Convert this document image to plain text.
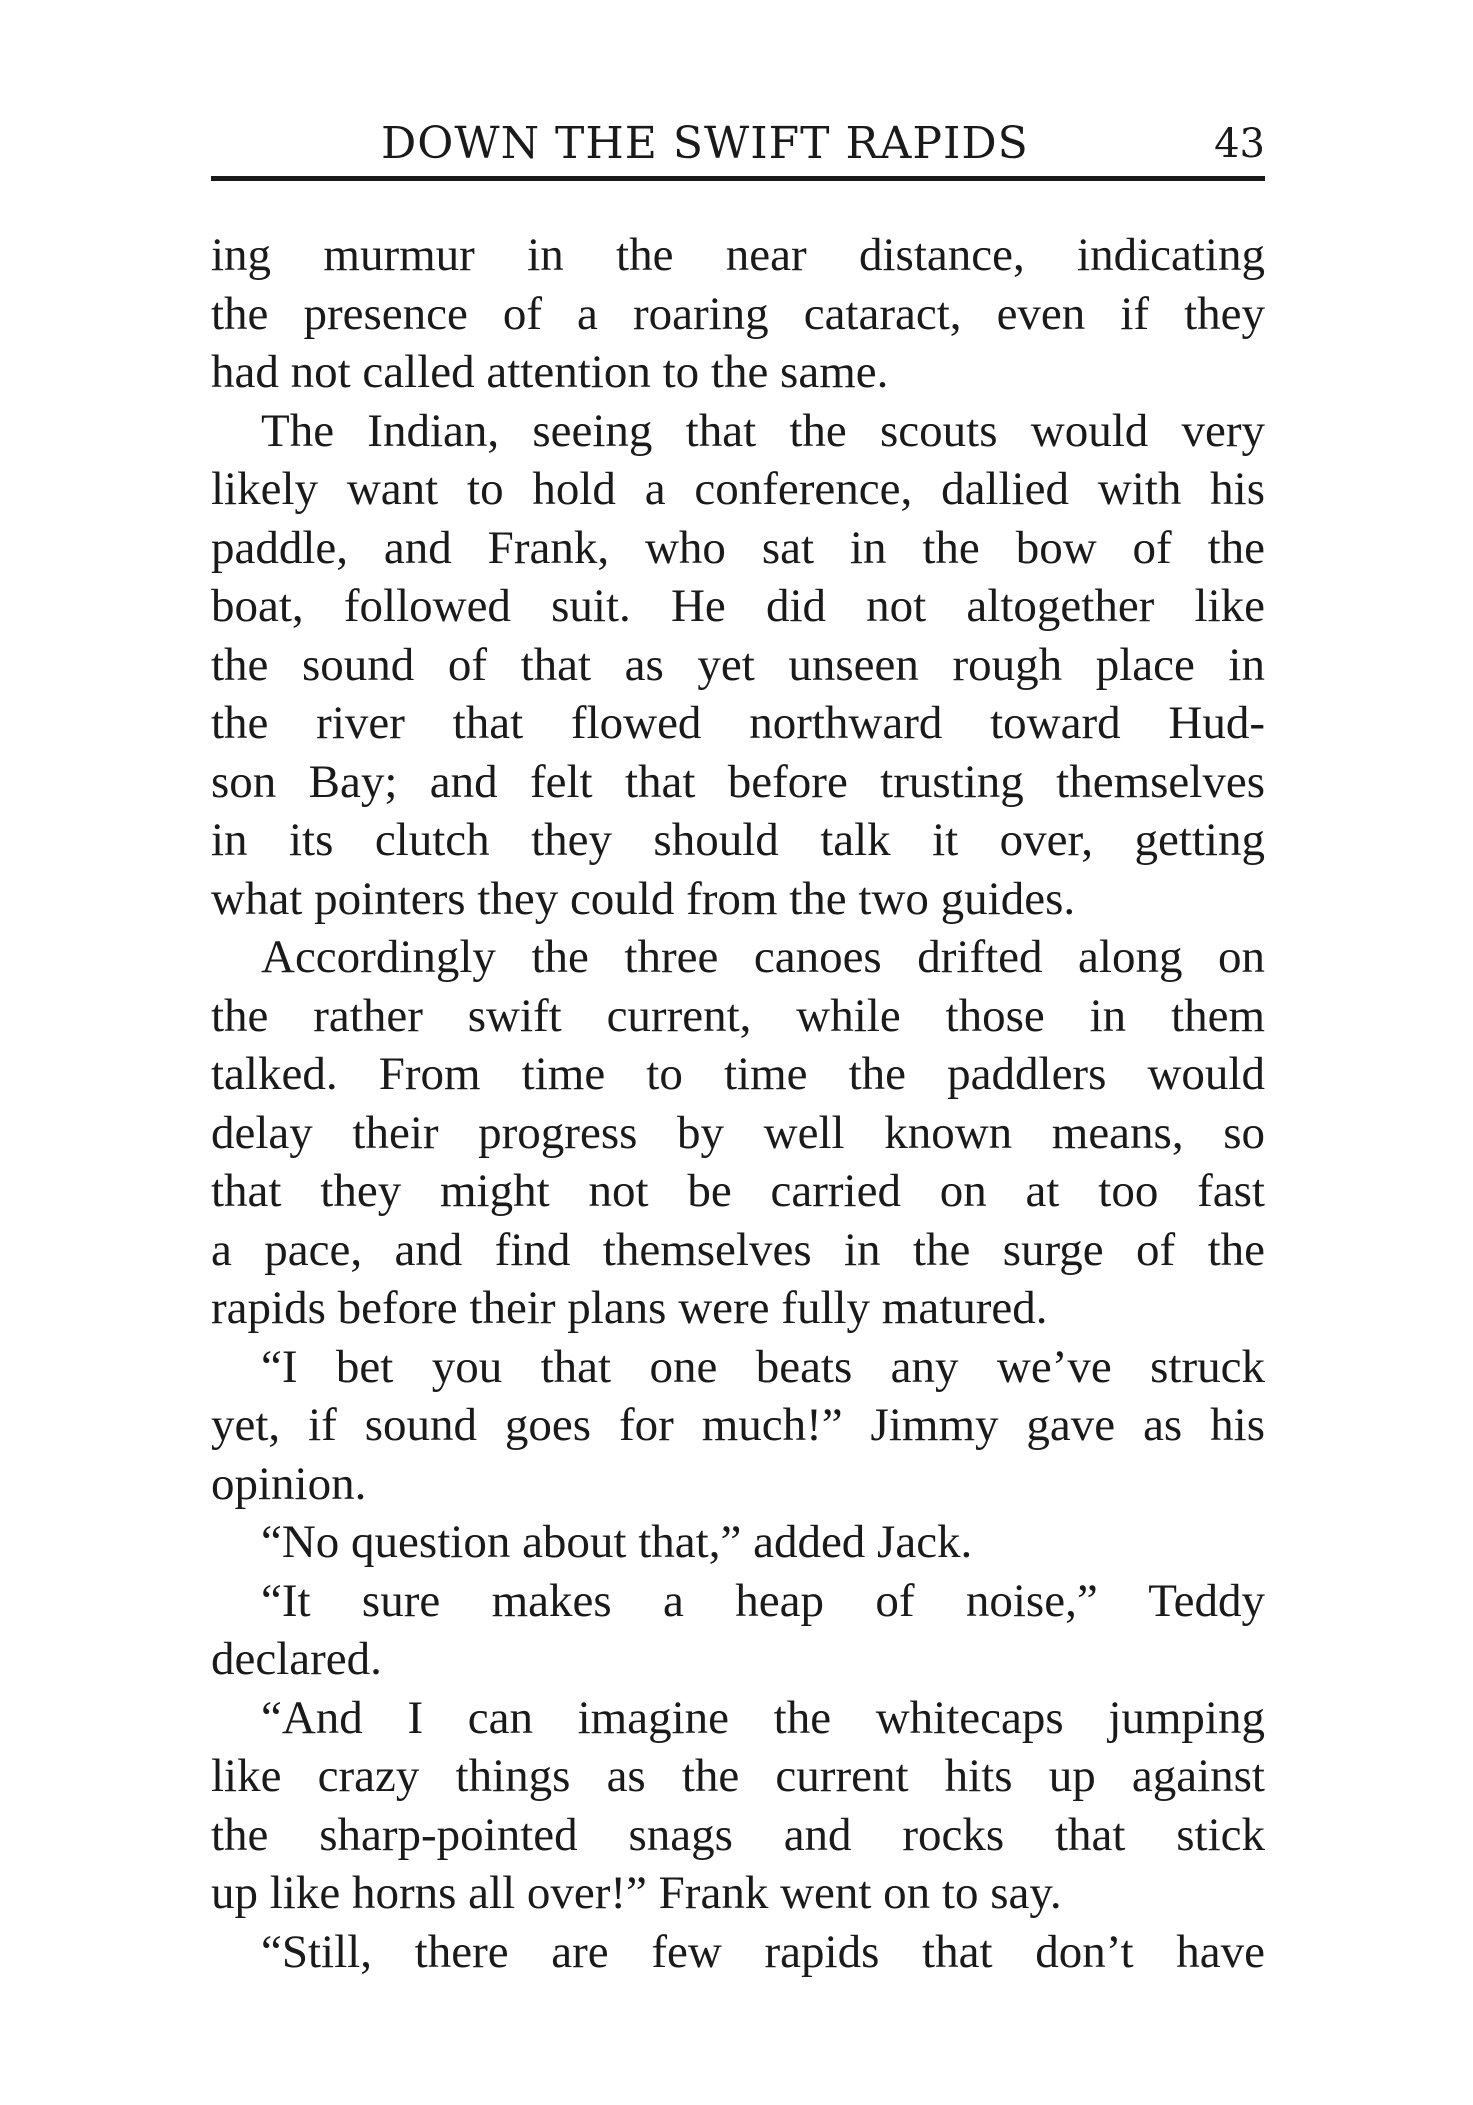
DOWN THE SWIFT RAPIDS	43
ing murmur in the near distance, indicating
the presence of a roaring cataract, even if they
had not called attention to the same.
The Indian, seeing that the scouts would very
likely want to hold a conference, dallied with his
paddle, and Frank, who sat in the bow of the
boat, followed suit. He did not altogether like
the sound of that as yet unseen rough place in
the river that flowed northward toward Hud-
son Bay; and felt that before trusting themselves
in its clutch they should talk it over, getting
what pointers they could from the two guides.
Accordingly the three canoes drifted along on
the rather swift current, while those in them
talked. From time to time the paddlers would
delay their progress by well known means, so
that they might not be carried on at too fast
a pace, and find themselves in the surge of the
rapids before their plans were fully matured.
“I bet you that one beats any we’ve struck
yet, if sound goes for much!” Jimmy gave as his
opinion.
“No question about that,” added Jack.
“It sure makes a heap of noise,” Teddy
declared.
“And I can imagine the whitecaps jumping
like crazy things as the current hits up against
the sharp-pointed snags and rocks that stick
up like horns all over!” Frank went on to say.
“Still, there are few rapids that don’t have
